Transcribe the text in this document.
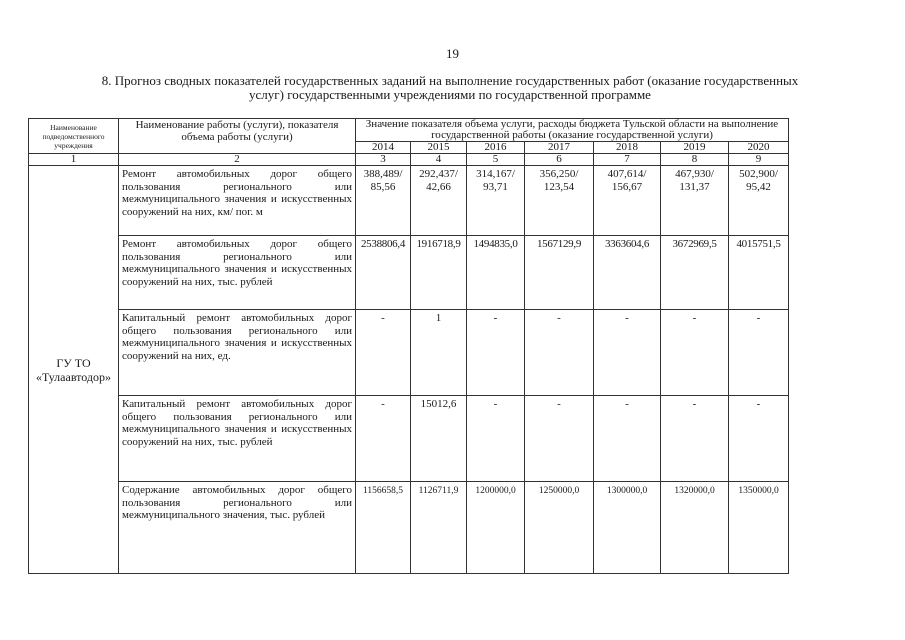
19
8. Прогноз сводных показателей государственных заданий на выполнение государственных работ (оказание государственных услуг) государственными учреждениями по государственной программе
Наименование подведомственного учреждения	Наименование работы (услуги), показателя объема работы (услуги)	Значение показателя объема услуги, расходы бюджета Тульской области на выполнение государственной работы (оказание государственной услуги)						
		2014	2015	2016	2017	2018	2019	2020
1	2	3	4	5	6	7	8	9
ГУ ТО «Тулаавтодор»	Ремонт автомобильных дорог общего пользования регионального или межмуниципального значения и искусственных сооружений на них, км/ пог. м	388,489/ 85,56	292,437/ 42,66	314,167/ 93,71	356,250/ 123,54	407,614/ 156,67	467,930/ 131,37	502,900/ 95,42
	Ремонт автомобильных дорог общего пользования регионального или межмуниципального значения и искусственных сооружений на них, тыс. рублей	2538806,4	1916718,9	1494835,0	1567129,9	3363604,6	3672969,5	4015751,5
	Капитальный ремонт автомобильных дорог общего пользования регионального или межмуниципального значения и искусственных сооружений на них, ед.	-	1	-	-	-	-	-
	Капитальный ремонт автомобильных дорог общего пользования регионального или межмуниципального значения и искусственных сооружений на них, тыс. рублей	-	15012,6	-	-	-	-	-
	Содержание автомобильных дорог общего пользования регионального или межмуниципального значения, тыс. рублей	1156658,5	1126711,9	1200000,0	1250000,0	1300000,0	1320000,0	1350000,0
